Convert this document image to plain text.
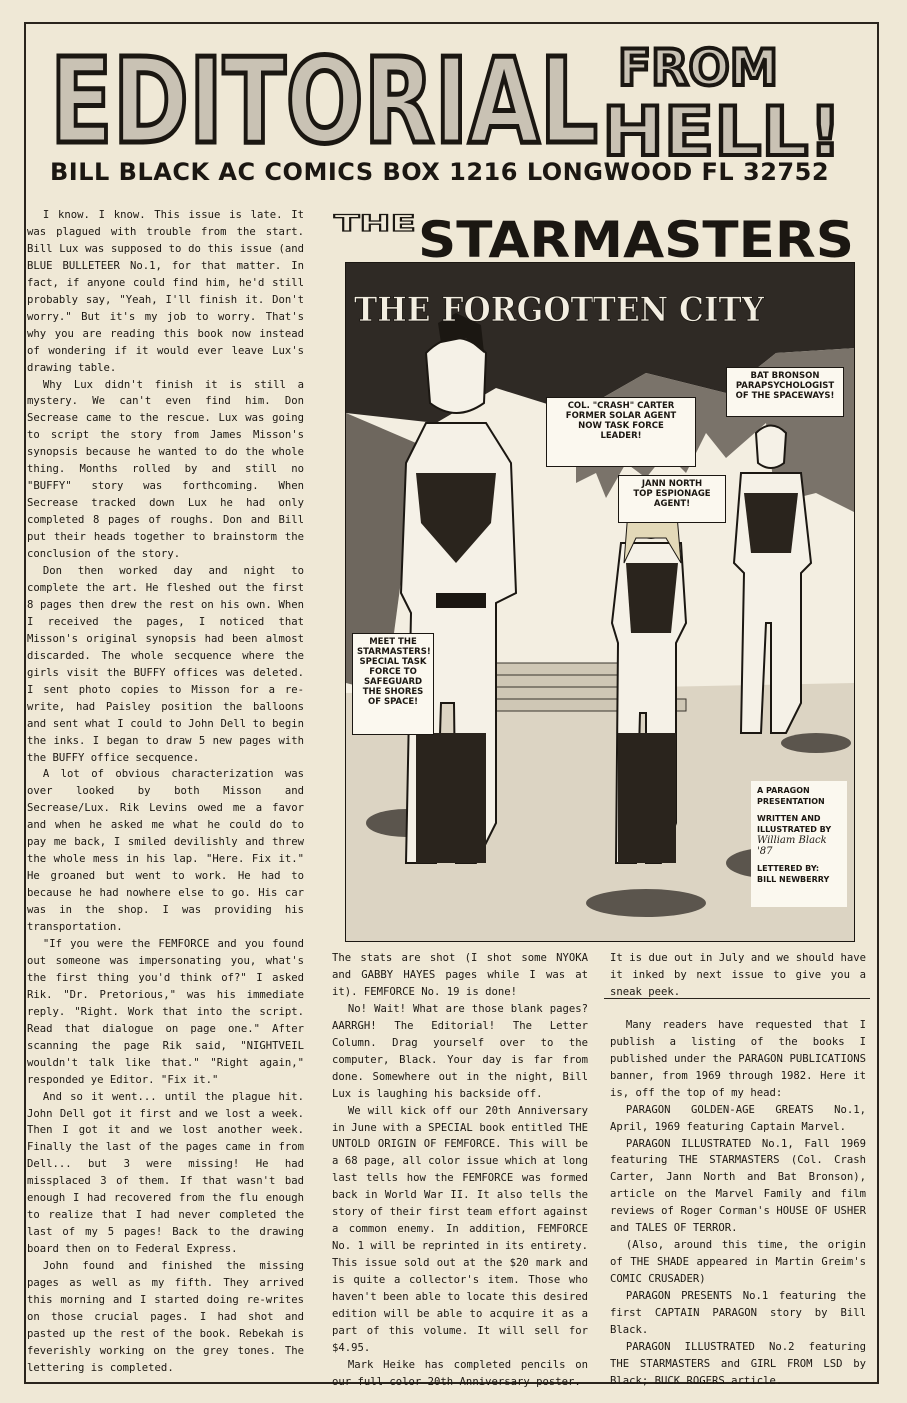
EDITORIAL FROM
HELL!
BILL BLACK AC COMICS BOX 1216 LONGWOOD FL 32752

I know. I know. This issue is late. It was plagued with trouble from the start. Bill Lux was supposed to do this issue (and BLUE BULLETEER No.1, for that matter. In fact, if anyone could find him, he'd still probably say, "Yeah, I'll finish it. Don't worry." But it's my job to worry. That's why you are reading this book now instead of wondering if it would ever leave Lux's drawing table.

Why Lux didn't finish it is still a mystery. We can't even find him. Don Secrease came to the rescue. Lux was going to script the story from James Misson's synopsis because he wanted to do the whole thing. Months rolled by and still no "BUFFY" story was forthcoming. When Secrease tracked down Lux he had only completed 8 pages of roughs. Don and Bill put their heads together to brainstorm the conclusion of the story.

Don then worked day and night to complete the art. He fleshed out the first 8 pages then drew the rest on his own. When I received the pages, I noticed that Misson's original synopsis had been almost discarded. The whole secquence where the girls visit the BUFFY offices was deleted. I sent photo copies to Misson for a re-write, had Paisley position the balloons and sent what I could to John Dell to begin the inks. I began to draw 5 new pages with the BUFFY office secquence.

A lot of obvious characterization was over looked by both Misson and Secrease/Lux. Rik Levins owed me a favor and when he asked me what he could do to pay me back, I smiled devilishly and threw the whole mess in his lap. "Here. Fix it." He groaned but went to work. He had to because he had nowhere else to go. His car was in the shop. I was providing his transportation.

"If you were the FEMFORCE and you found out someone was impersonating you, what's the first thing you'd think of?" I asked Rik. "Dr. Pretorious," was his immediate reply. "Right. Work that into the script. Read that dialogue on page one." After scanning the page Rik said, "NIGHTVEIL wouldn't talk like that." "Right again," responded ye Editor. "Fix it."

And so it went... until the plague hit. John Dell got it first and we lost a week. Then I got it and we lost another week. Finally the last of the pages came in from Dell... but 3 were missing! He had missplaced 3 of them. If that wasn't bad enough I had recovered from the flu enough to realize that I had never completed the last of my 5 pages! Back to the drawing board then on to Federal Express.

John found and finished the missing pages as well as my fifth. They arrived this morning and I started doing re-writes on those crucial pages. I had shot and pasted up the rest of the book. Rebekah is feverishly working on the grey tones. The lettering is completed.

THE STARMASTERS
THE FORGOTTEN CITY
COL. "CRASH" CARTER
FORMER SOLAR AGENT
NOW TASK FORCE
LEADER!
BAT BRONSON
PARAPSYCHOLOGIST
OF THE SPACEWAYS!
JANN NORTH
TOP ESPIONAGE
AGENT!
MEET THE
STARMASTERS!
SPECIAL TASK
FORCE TO
SAFEGUARD
THE SHORES
OF SPACE!
A PARAGON
PRESENTATION
WRITTEN AND
ILLUSTRATED BY
William Black '87
LETTERED BY:
BILL NEWBERRY

The stats are shot (I shot some NYOKA and GABBY HAYES pages while I was at it). FEMFORCE No. 19 is done!

No! Wait! What are those blank pages? AARRGH! The Editorial! The Letter Column. Drag yourself over to the computer, Black. Your day is far from done. Somewhere out in the night, Bill Lux is laughing his backside off.

We will kick off our 20th Anniversary in June with a SPECIAL book entitled THE UNTOLD ORIGIN OF FEMFORCE. This will be a 68 page, all color issue which at long last tells how the FEMFORCE was formed back in World War II. It also tells the story of their first team effort against a common enemy. In addition, FEMFORCE No. 1 will be reprinted in its entirety. This issue sold out at the $20 mark and is quite a collector's item. Those who haven't been able to locate this desired edition will be able to acquire it as a part of this volume. It will sell for $4.95.

Mark Heike has completed pencils on our full color 20th Anniversary poster.

It is due out in July and we should have it inked by next issue to give you a sneak peek.

Many readers have requested that I publish a listing of the books I published under the PARAGON PUBLICATIONS banner, from 1969 through 1982. Here it is, off the top of my head:

PARAGON GOLDEN-AGE GREATS No.1, April, 1969 featuring Captain Marvel.

PARAGON ILLUSTRATED No.1, Fall 1969 featuring THE STARMASTERS (Col. Crash Carter, Jann North and Bat Bronson), article on the Marvel Family and film reviews of Roger Corman's HOUSE OF USHER and TALES OF TERROR.

(Also, around this time, the origin of THE SHADE appeared in Martin Greim's COMIC CRUSADER)

PARAGON PRESENTS No.1 featuring the first CAPTAIN PARAGON story by Bill Black.

PARAGON ILLUSTRATED No.2 featuring THE STARMASTERS and GIRL FROM LSD by Black; BUCK ROGERS article.
